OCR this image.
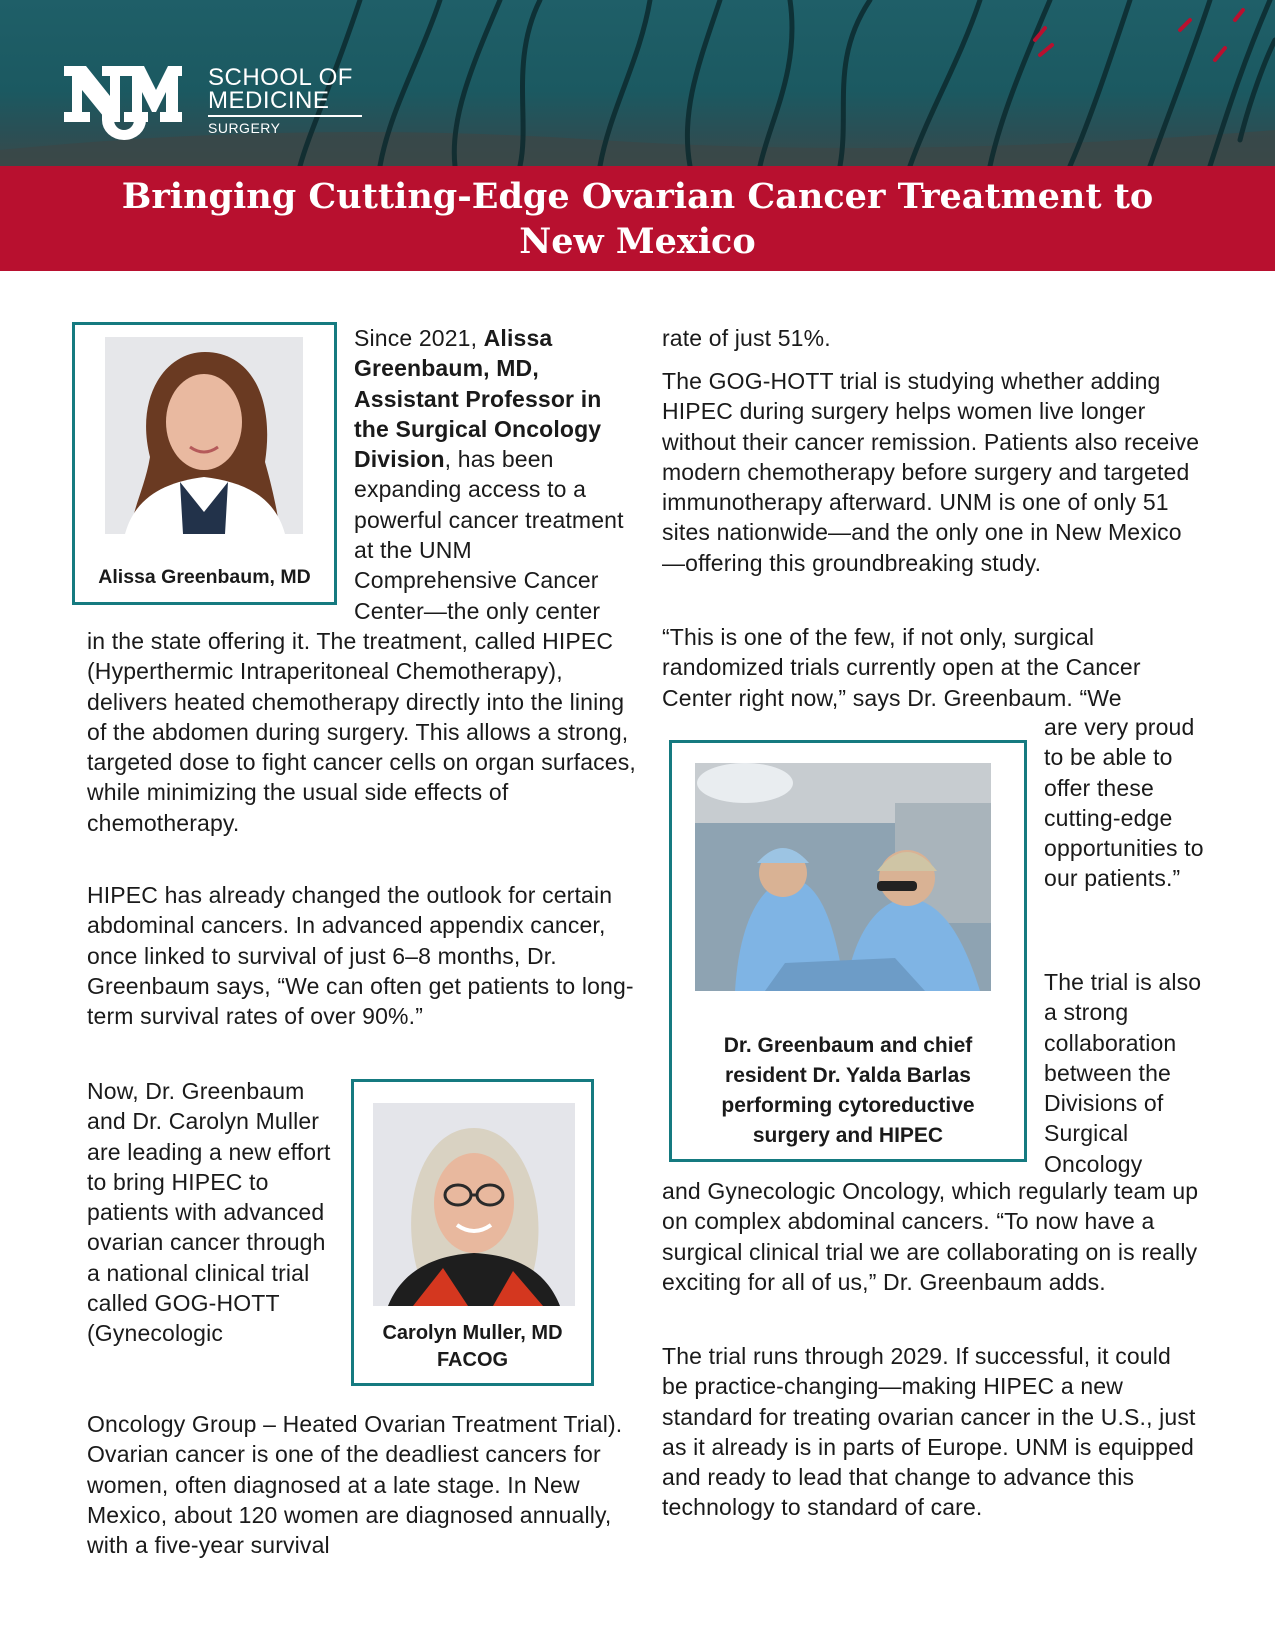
SCHOOL OF
MEDICINE
SURGERY
Bringing Cutting-Edge Ovarian Cancer Treatment to New Mexico
Alissa Greenbaum, MD

Since 2021, Alissa Greenbaum, MD, Assistant Professor in the Surgical Oncology Division, has been expanding access to a powerful cancer treatment at the UNM Comprehensive Cancer Center—the only center

in the state offering it. The treatment, called HIPEC (Hyperthermic Intraperitoneal Chemotherapy), delivers heated chemotherapy directly into the lining of the abdomen during surgery. This allows a strong, targeted dose to fight cancer cells on organ surfaces, while minimizing the usual side effects of chemotherapy.

HIPEC has already changed the outlook for certain abdominal cancers. In advanced appendix cancer, once linked to survival of just 6–8 months, Dr. Greenbaum says, “We can often get patients to long-term survival rates of over 90%.”

Now, Dr. Greenbaum and Dr. Carolyn Muller are leading a new effort to bring HIPEC to patients with advanced ovarian cancer through a national clinical trial called GOG-HOTT (Gynecologic

Oncology Group – Heated Ovarian Treatment Trial). Ovarian cancer is one of the deadliest cancers for women, often diagnosed at a late stage. In New Mexico, about 120 women are diagnosed annually, with a five-year survival

Carolyn Muller, MD
FACOG

rate of just 51%.

The GOG-HOTT trial is studying whether adding HIPEC during surgery helps women live longer without their cancer remission. Patients also receive modern chemotherapy before surgery and targeted immunotherapy afterward. UNM is one of only 51 sites nationwide—and the only one in New Mexico—offering this groundbreaking study.

“This is one of the few, if not only, surgical randomized trials currently open at the Cancer Center right now,” says Dr. Greenbaum. “We

are very proud to be able to offer these cutting-edge opportunities to our patients.”

The trial is also a strong collaboration between the Divisions of Surgical Oncology

and Gynecologic Oncology, which regularly team up on complex abdominal cancers. “To now have a surgical clinical trial we are collaborating on is really exciting for all of us,” Dr. Greenbaum adds.

The trial runs through 2029. If successful, it could be practice-changing—making HIPEC a new standard for treating ovarian cancer in the U.S., just as it already is in parts of Europe. UNM is equipped and ready to lead that change to advance this technology to standard of care.

Dr. Greenbaum and chief
resident Dr. Yalda Barlas
performing cytoreductive
surgery and HIPEC
